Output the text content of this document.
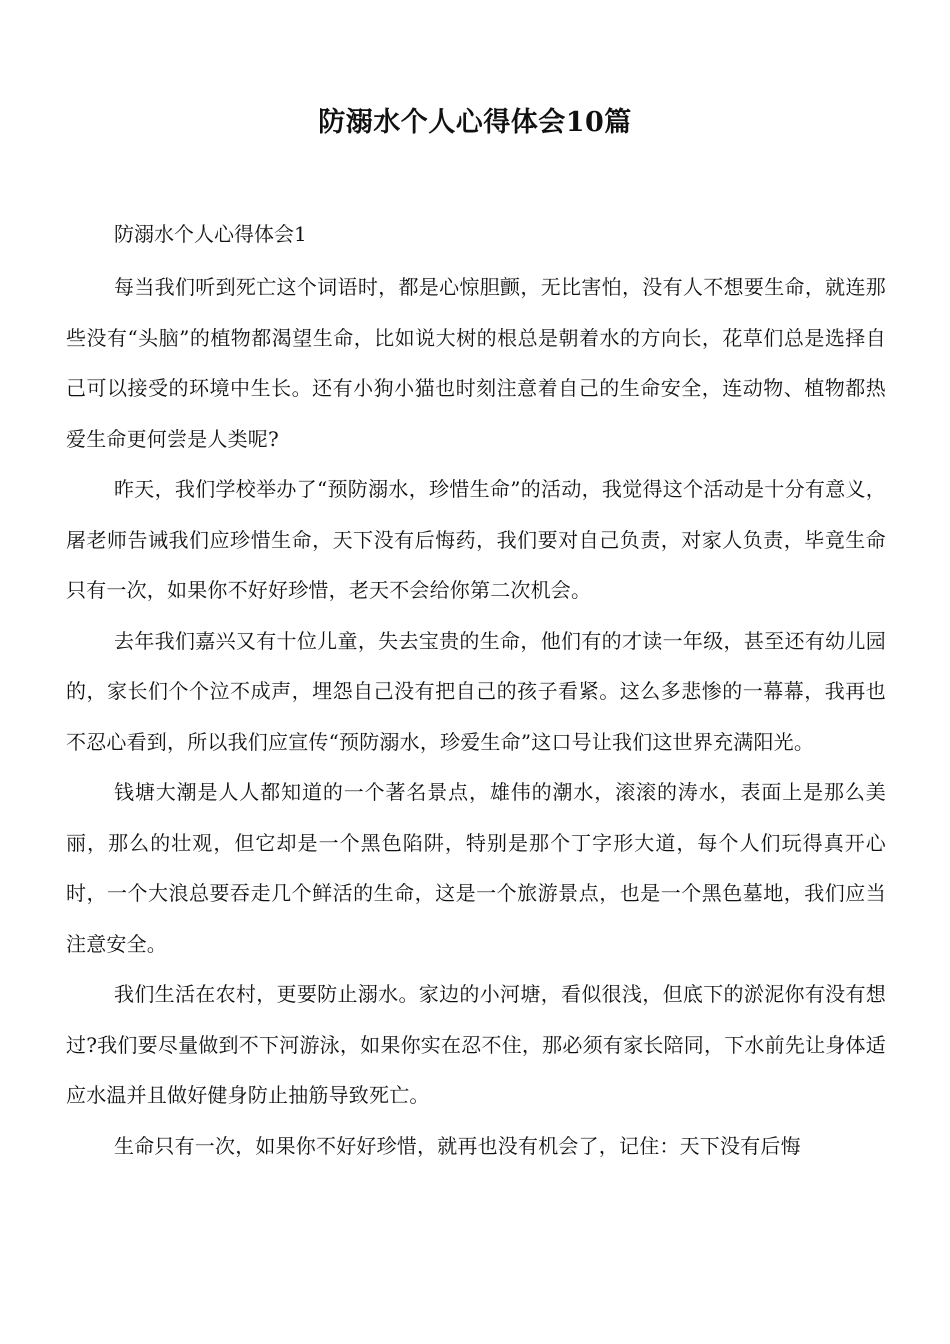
防溺水个人心得体会10篇

防溺水个人心得体会1

每当我们听到死亡这个词语时，都是心惊胆颤，无比害怕，没有人不想要生命，就连那些没有“头脑”的植物都渴望生命，比如说大树的根总是朝着水的方向长，花草们总是选择自己可以接受的环境中生长。还有小狗小猫也时刻注意着自己的生命安全，连动物、植物都热爱生命更何尝是人类呢?

昨天，我们学校举办了“预防溺水，珍惜生命”的活动，我觉得这个活动是十分有意义，屠老师告诫我们应珍惜生命，天下没有后悔药，我们要对自己负责，对家人负责，毕竟生命只有一次，如果你不好好珍惜，老天不会给你第二次机会。

去年我们嘉兴又有十位儿童，失去宝贵的生命，他们有的才读一年级，甚至还有幼儿园的，家长们个个泣不成声，埋怨自己没有把自己的孩子看紧。这么多悲惨的一幕幕，我再也不忍心看到，所以我们应宣传“预防溺水，珍爱生命”这口号让我们这世界充满阳光。

钱塘大潮是人人都知道的一个著名景点，雄伟的潮水，滚滚的涛水，表面上是那么美丽，那么的壮观，但它却是一个黑色陷阱，特别是那个丁字形大道，每个人们玩得真开心时，一个大浪总要吞走几个鲜活的生命，这是一个旅游景点，也是一个黑色墓地，我们应当注意安全。

我们生活在农村，更要防止溺水。家边的小河塘，看似很浅，但底下的淤泥你有没有想过?我们要尽量做到不下河游泳，如果你实在忍不住，那必须有家长陪同，下水前先让身体适应水温并且做好健身防止抽筋导致死亡。

生命只有一次，如果你不好好珍惜，就再也没有机会了，记住：天下没有后悔
